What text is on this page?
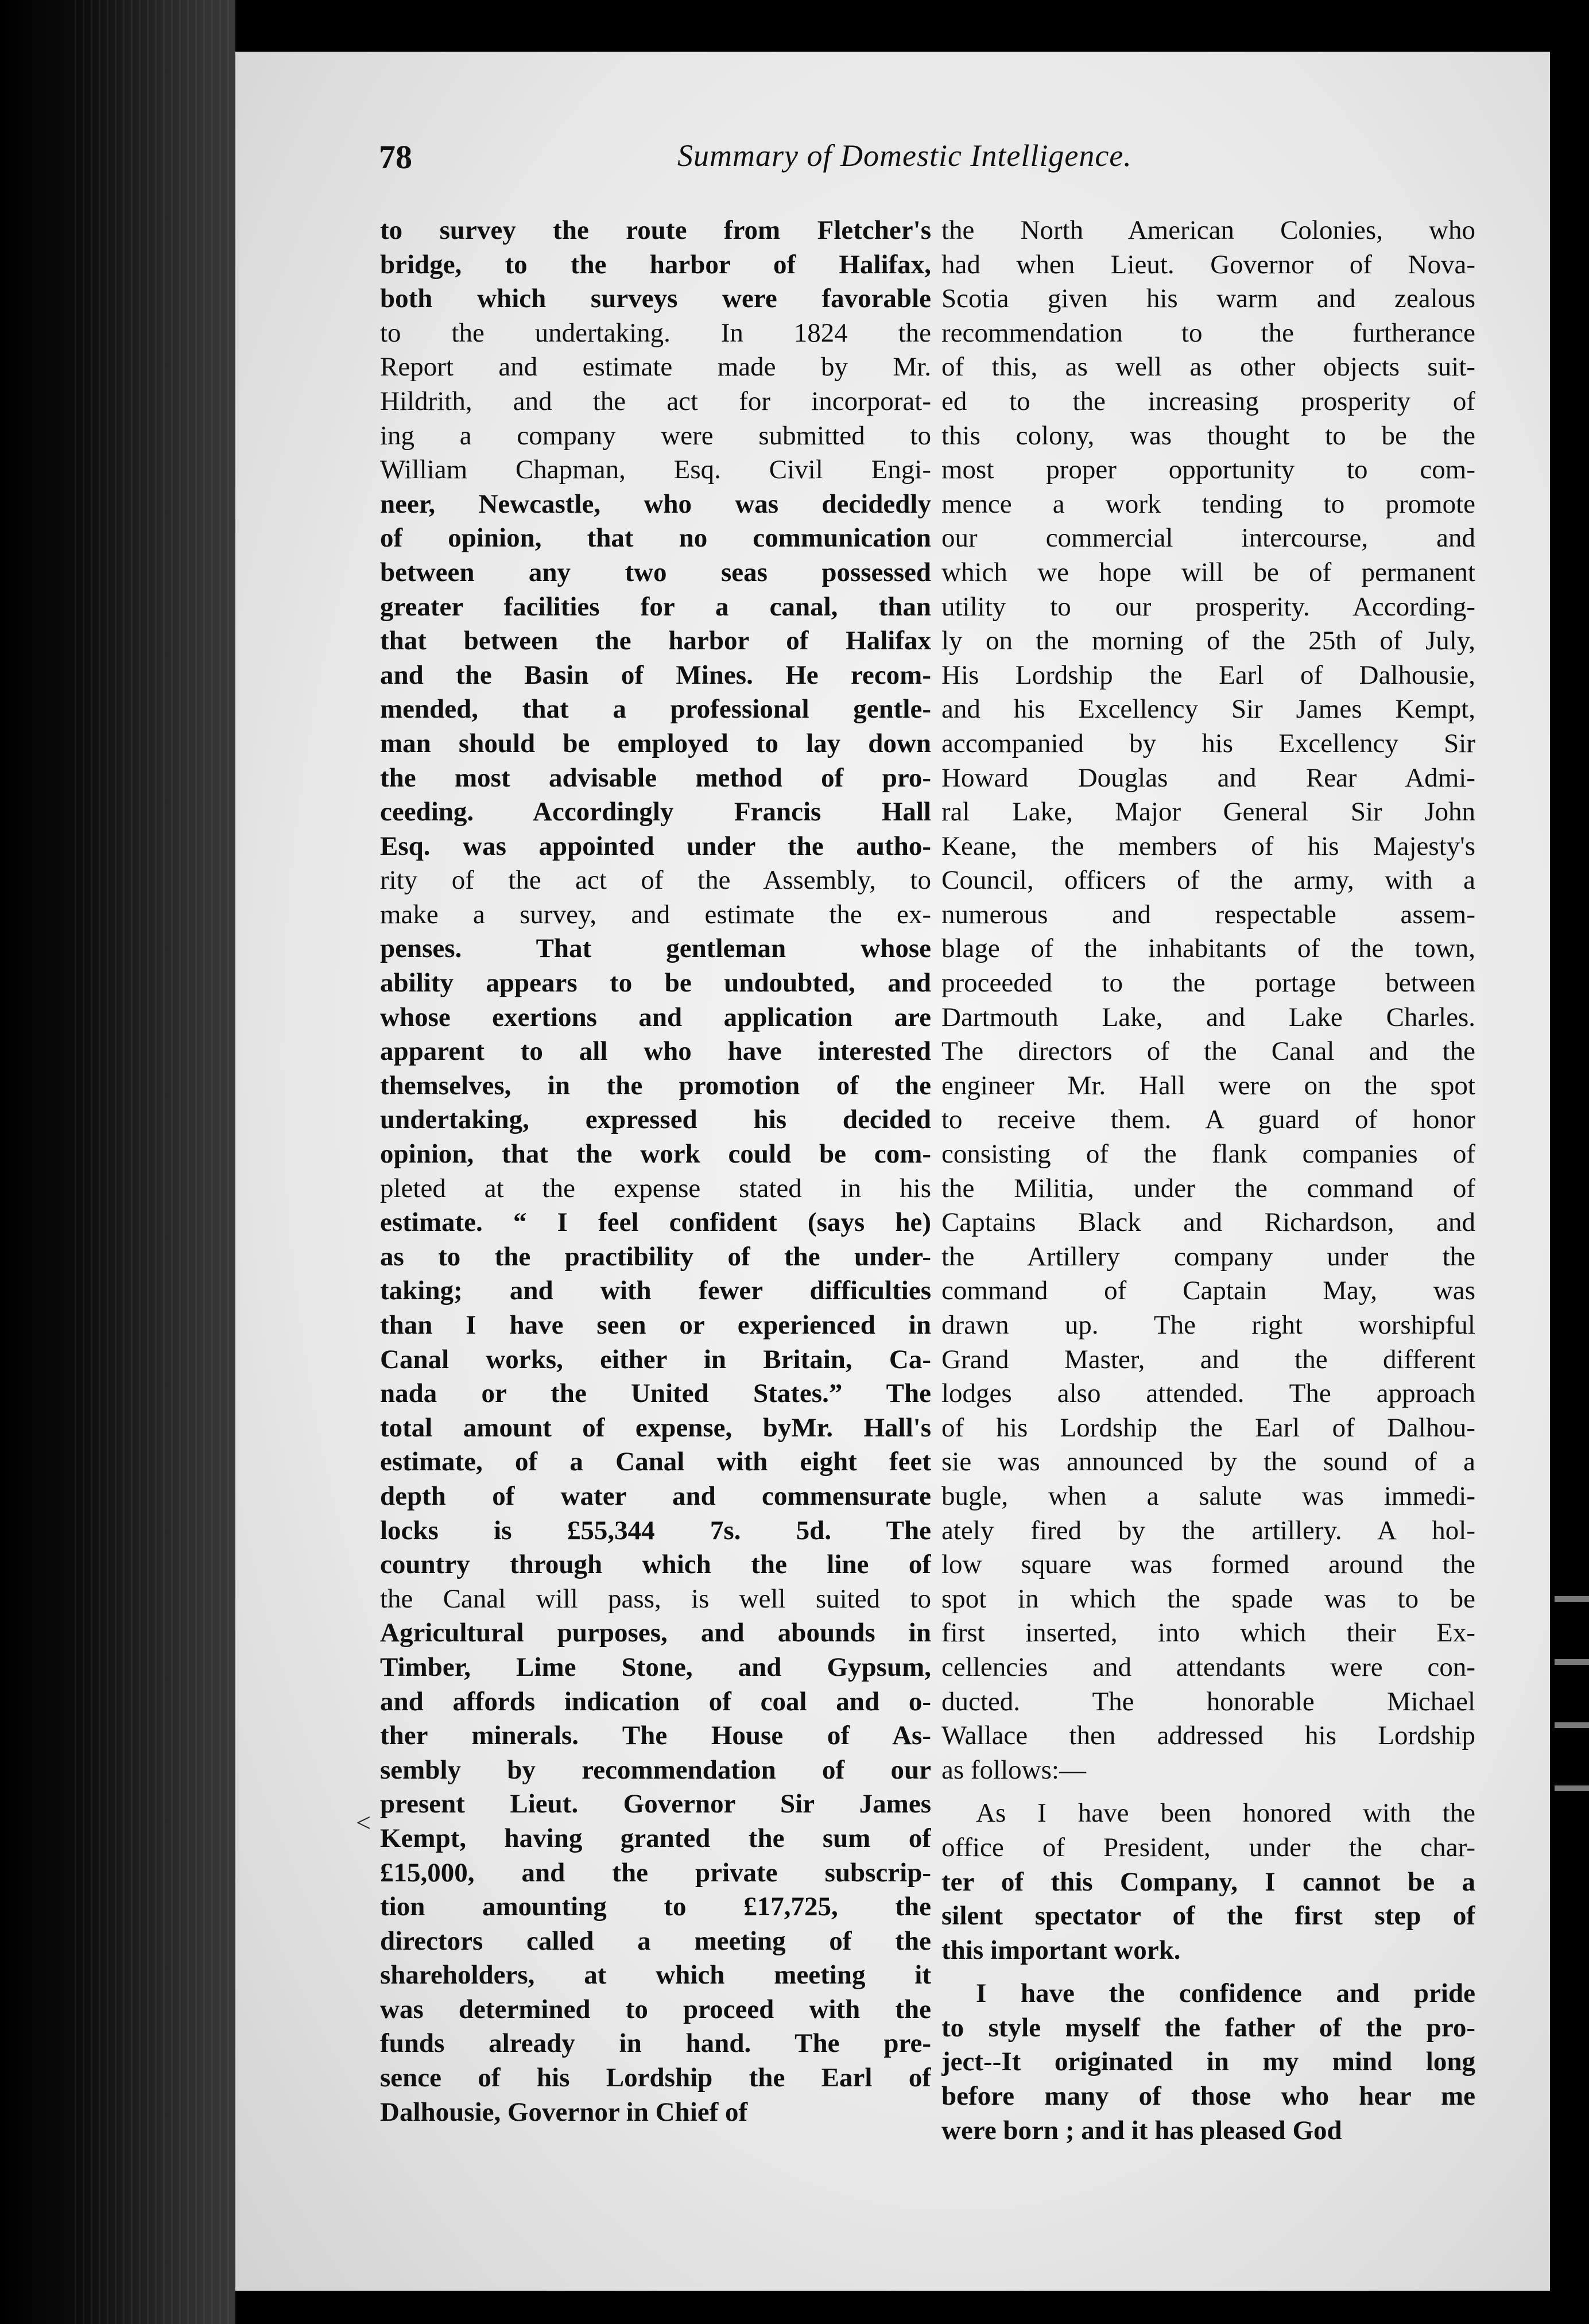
78	Summary of Domestic Intelligence.
<
to survey the route from Fletcher's
bridge, to the harbor of Halifax,
both which surveys were favorable
to the undertaking. In 1824 the
Report and estimate made by Mr.
Hildrith, and the act for incorporat-
ing a company were submitted to
William Chapman, Esq. Civil Engi-
neer, Newcastle, who was decidedly
of opinion, that no communication
between any two seas possessed
greater facilities for a canal, than
that between the harbor of Halifax
and the Basin of Mines. He recom-
mended, that a professional gentle-
man should be employed to lay down
the most advisable method of pro-
ceeding. Accordingly Francis Hall
Esq. was appointed under the autho-
rity of the act of the Assembly, to
make a survey, and estimate the ex-
penses. That gentleman whose
ability appears to be undoubted, and
whose exertions and application are
apparent to all who have interested
themselves, in the promotion of the
undertaking, expressed his decided
opinion, that the work could be com-
pleted at the expense stated in his
estimate. “ I feel confident (says he)
as to the practibility of the under-
taking; and with fewer difficulties
than I have seen or experienced in
Canal works, either in Britain, Ca-
nada or the United States.” The
total amount of expense, byMr. Hall's
estimate, of a Canal with eight feet
depth of water and commensurate
locks is £55,344 7s. 5d. The
country through which the line of
the Canal will pass, is well suited to
Agricultural purposes, and abounds in
Timber, Lime Stone, and Gypsum,
and affords indication of coal and o-
ther minerals. The House of As-
sembly by recommendation of our
present Lieut. Governor Sir James
Kempt, having granted the sum of
£15,000, and the private subscrip-
tion amounting to £17,725, the
directors called a meeting of the
shareholders, at which meeting it
was determined to proceed with the
funds already in hand. The pre-
sence of his Lordship the Earl of
Dalhousie, Governor in Chief of
the North American Colonies, who
had when Lieut. Governor of Nova-
Scotia given his warm and zealous
recommendation to the furtherance
of this, as well as other objects suit-
ed to the increasing prosperity of
this colony, was thought to be the
most proper opportunity to com-
mence a work tending to promote
our commercial intercourse, and
which we hope will be of permanent
utility to our prosperity. According-
ly on the morning of the 25th of July,
His Lordship the Earl of Dalhousie,
and his Excellency Sir James Kempt,
accompanied by his Excellency Sir
Howard Douglas and Rear Admi-
ral Lake, Major General Sir John
Keane, the members of his Majesty's
Council, officers of the army, with a
numerous and respectable assem-
blage of the inhabitants of the town,
proceeded to the portage between
Dartmouth Lake, and Lake Charles.
The directors of the Canal and the
engineer Mr. Hall were on the spot
to receive them. A guard of honor
consisting of the flank companies of
the Militia, under the command of
Captains Black and Richardson, and
the Artillery company under the
command of Captain May, was
drawn up. The right worshipful
Grand Master, and the different
lodges also attended. The approach
of his Lordship the Earl of Dalhou-
sie was announced by the sound of a
bugle, when a salute was immedi-
ately fired by the artillery. A hol-
low square was formed around the
spot in which the spade was to be
first inserted, into which their Ex-
cellencies and attendants were con-
ducted. The honorable Michael
Wallace then addressed his Lordship
as follows:—
As I have been honored with the
office of President, under the char-
ter of this Company, I cannot be a
silent spectator of the first step of
this important work.
I have the confidence and pride
to style myself the father of the pro-
ject--It originated in my mind long
before many of those who hear me
were born ; and it has pleased God
